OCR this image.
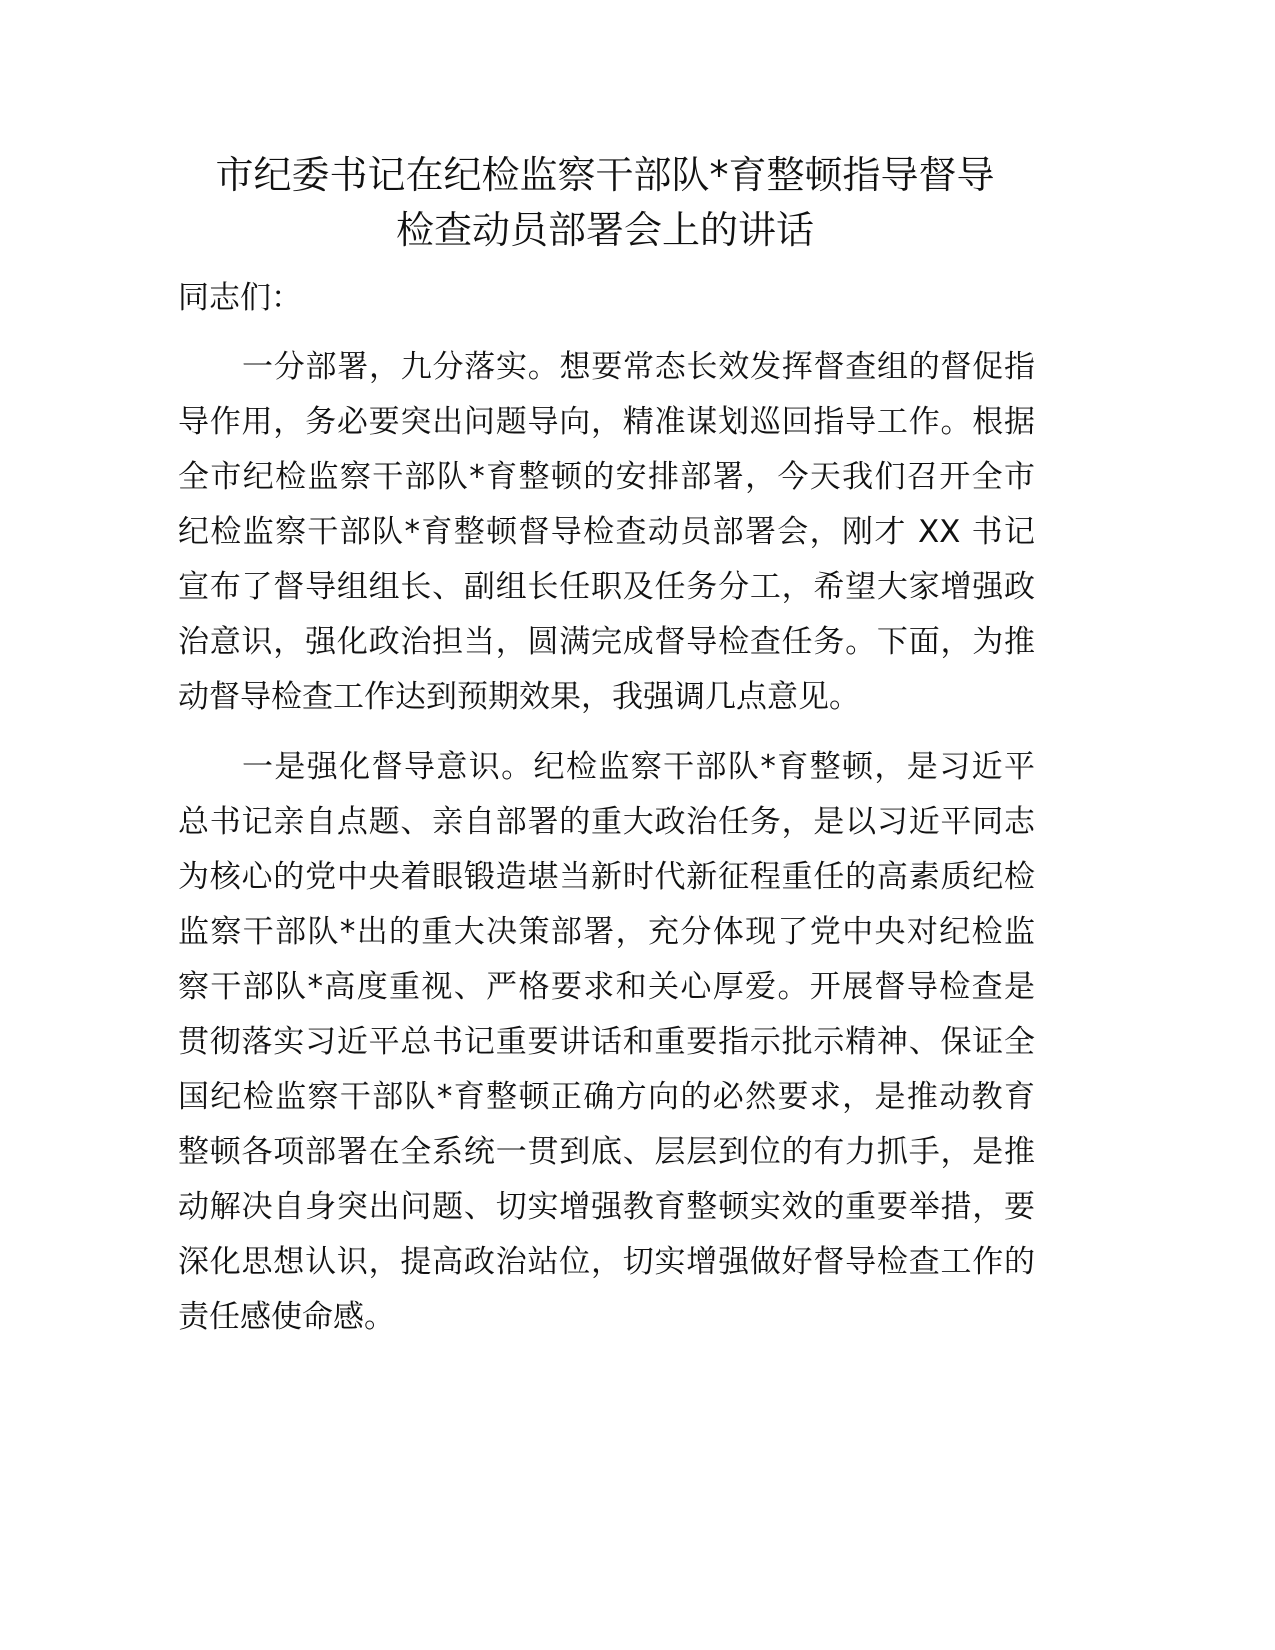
市纪委书记在纪检监察干部队*育整顿指导督导
检查动员部署会上的讲话
同志们：
一分部署，九分落实。想要常态长效发挥督查组的督促指
导作用，务必要突出问题导向，精准谋划巡回指导工作。根据
全市纪检监察干部队*育整顿的安排部署，今天我们召开全市
纪检监察干部队*育整顿督导检查动员部署会，刚才 XX 书记
宣布了督导组组长、副组长任职及任务分工，希望大家增强政
治意识，强化政治担当，圆满完成督导检查任务。下面，为推
动督导检查工作达到预期效果，我强调几点意见。
一是强化督导意识。纪检监察干部队*育整顿，是习近平
总书记亲自点题、亲自部署的重大政治任务，是以习近平同志
为核心的党中央着眼锻造堪当新时代新征程重任的高素质纪检
监察干部队*出的重大决策部署，充分体现了党中央对纪检监
察干部队*高度重视、严格要求和关心厚爱。开展督导检查是
贯彻落实习近平总书记重要讲话和重要指示批示精神、保证全
国纪检监察干部队*育整顿正确方向的必然要求，是推动教育
整顿各项部署在全系统一贯到底、层层到位的有力抓手，是推
动解决自身突出问题、切实增强教育整顿实效的重要举措，要
深化思想认识，提高政治站位，切实增强做好督导检查工作的
责任感使命感。
